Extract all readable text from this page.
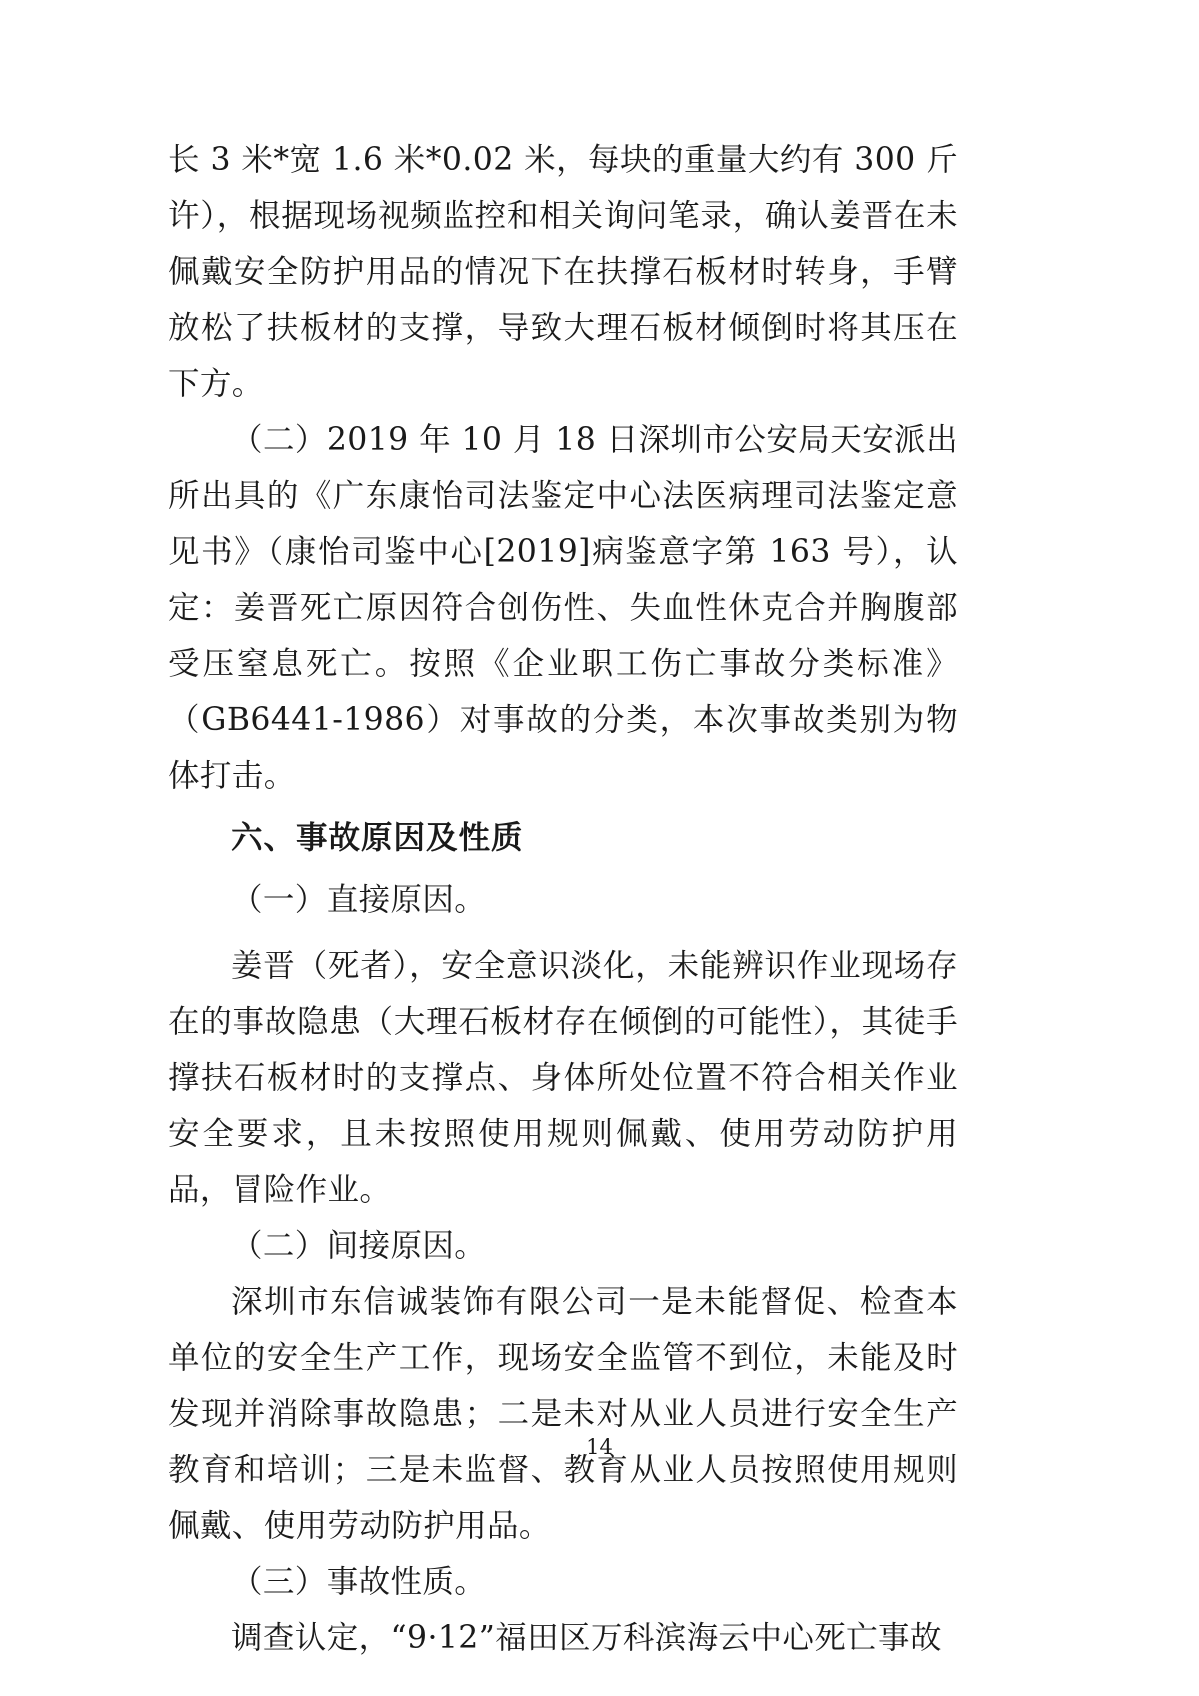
长 3 米*宽 1.6 米*0.02 米，每块的重量大约有 300 斤许），根据现场视频监控和相关询问笔录，确认姜晋在未佩戴安全防护用品的情况下在扶撑石板材时转身，手臂放松了扶板材的支撑，导致大理石板材倾倒时将其压在下方。

（二）2019 年 10 月 18 日深圳市公安局天安派出所出具的《广东康怡司法鉴定中心法医病理司法鉴定意见书》（康怡司鉴中心[2019]病鉴意字第 163 号），认定：姜晋死亡原因符合创伤性、失血性休克合并胸腹部受压窒息死亡。按照《企业职工伤亡事故分类标准》（GB6441-1986）对事故的分类，本次事故类别为物体打击。

六、事故原因及性质

（一）直接原因。

姜晋（死者），安全意识淡化，未能辨识作业现场存在的事故隐患（大理石板材存在倾倒的可能性），其徒手撑扶石板材时的支撑点、身体所处位置不符合相关作业安全要求，且未按照使用规则佩戴、使用劳动防护用品，冒险作业。

（二）间接原因。

深圳市东信诚装饰有限公司一是未能督促、检查本单位的安全生产工作，现场安全监管不到位，未能及时发现并消除事故隐患；二是未对从业人员进行安全生产教育和培训；三是未监督、教育从业人员按照使用规则佩戴、使用劳动防护用品。

（三）事故性质。

调查认定，“9·12”福田区万科滨海云中心死亡事故

14
